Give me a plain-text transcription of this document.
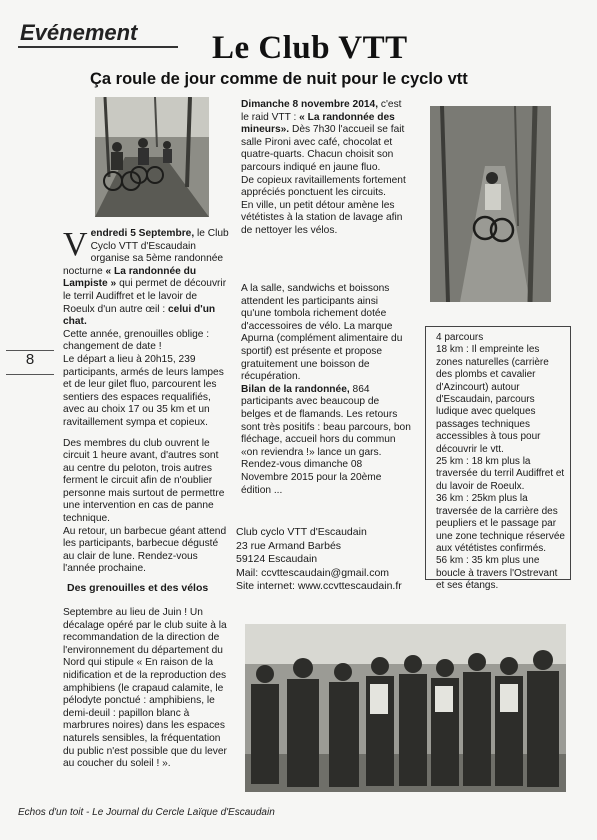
Evénement Le Club VTT
Ça roule de jour comme de nuit pour le cyclo vtt
8

Vendredi 5 Septembre, le Club Cyclo VTT d'Escaudain organise sa 5ème randonnée nocturne « La randonnée du Lampiste » qui permet de découvrir le terril Audiffret et le lavoir de Roeulx d'un autre œil : celui d'un chat.

Cette année, grenouilles oblige : changement de date !

Le départ a lieu à 20h15, 239 participants, armés de leurs lampes et de leur gilet fluo, parcourent les sentiers des espaces requalifiés, avec au choix 17 ou 35 km et un ravitaillement sympa et copieux.

Des membres du club ouvrent le circuit 1 heure avant, d'autres sont au centre du peloton, trois autres ferment le circuit afin de n'oublier personne mais surtout de permettre une intervention en cas de panne technique.

Au retour, un barbecue géant attend les participants, barbecue dégusté au clair de lune. Rendez-vous l'année prochaine.

Des grenouilles et des vélos
Septembre au lieu de Juin ! Un décalage opéré par le club suite à la recommandation de la direction de l'environnement du département du Nord qui stipule « En raison de la nidification et de la reproduction des amphibiens (le crapaud calamite, le pélodyte ponctué : amphibiens, le demi-deuil : papillon blanc à marbrures noires) dans les espaces naturels sensibles, la fréquentation du public n'est possible que du lever au coucher du soleil ! ».

Dimanche 8 novembre 2014, c'est le raid VTT : « La randonnée des mineurs». Dès 7h30 l'accueil se fait salle Pironi avec café, chocolat et quatre-quarts. Chacun choisit son parcours indiqué en jaune fluo.

De copieux ravitaillements fortement appréciés ponctuent les circuits.

En ville, un petit détour amène les vététistes à la station de lavage afin de nettoyer les vélos.

A la salle, sandwichs et boissons attendent les participants ainsi qu'une tombola richement dotée d'accessoires de vélo. La marque Apurna (complément alimentaire du sportif) est présente et propose gratuitement une boisson de récupération.

Bilan de la randonnée, 864 participants avec beaucoup de belges et de flamands. Les retours sont très positifs : beau parcours, bon fléchage, accueil hors du commun «on reviendra !» lance un gars. Rendez-vous dimanche 08 Novembre 2015 pour la 20ème édition ...

Club cyclo VTT d'Escaudain
23 rue Armand Barbés
59124 Escaudain
Mail: ccvttescaudain@gmail.com
Site internet: www.ccvttescaudain.fr
4 parcours
18 km : Il empreinte les zones naturelles (carrière des plombs et cavalier d'Azincourt) autour d'Escaudain, parcours ludique avec quelques passages techniques accessibles à tous pour découvrir le vtt.
25 km : 18 km plus la traversée du terril Audiffret et du lavoir de Roeulx.
36 km : 25km plus la traversée de la carrière des peupliers et le passage par une zone technique réservée aux vététistes confirmés.
56 km : 35 km plus une boucle à travers l'Ostrevant et ses étangs.
Echos d'un toit - Le Journal du Cercle Laïque d'Escaudain
